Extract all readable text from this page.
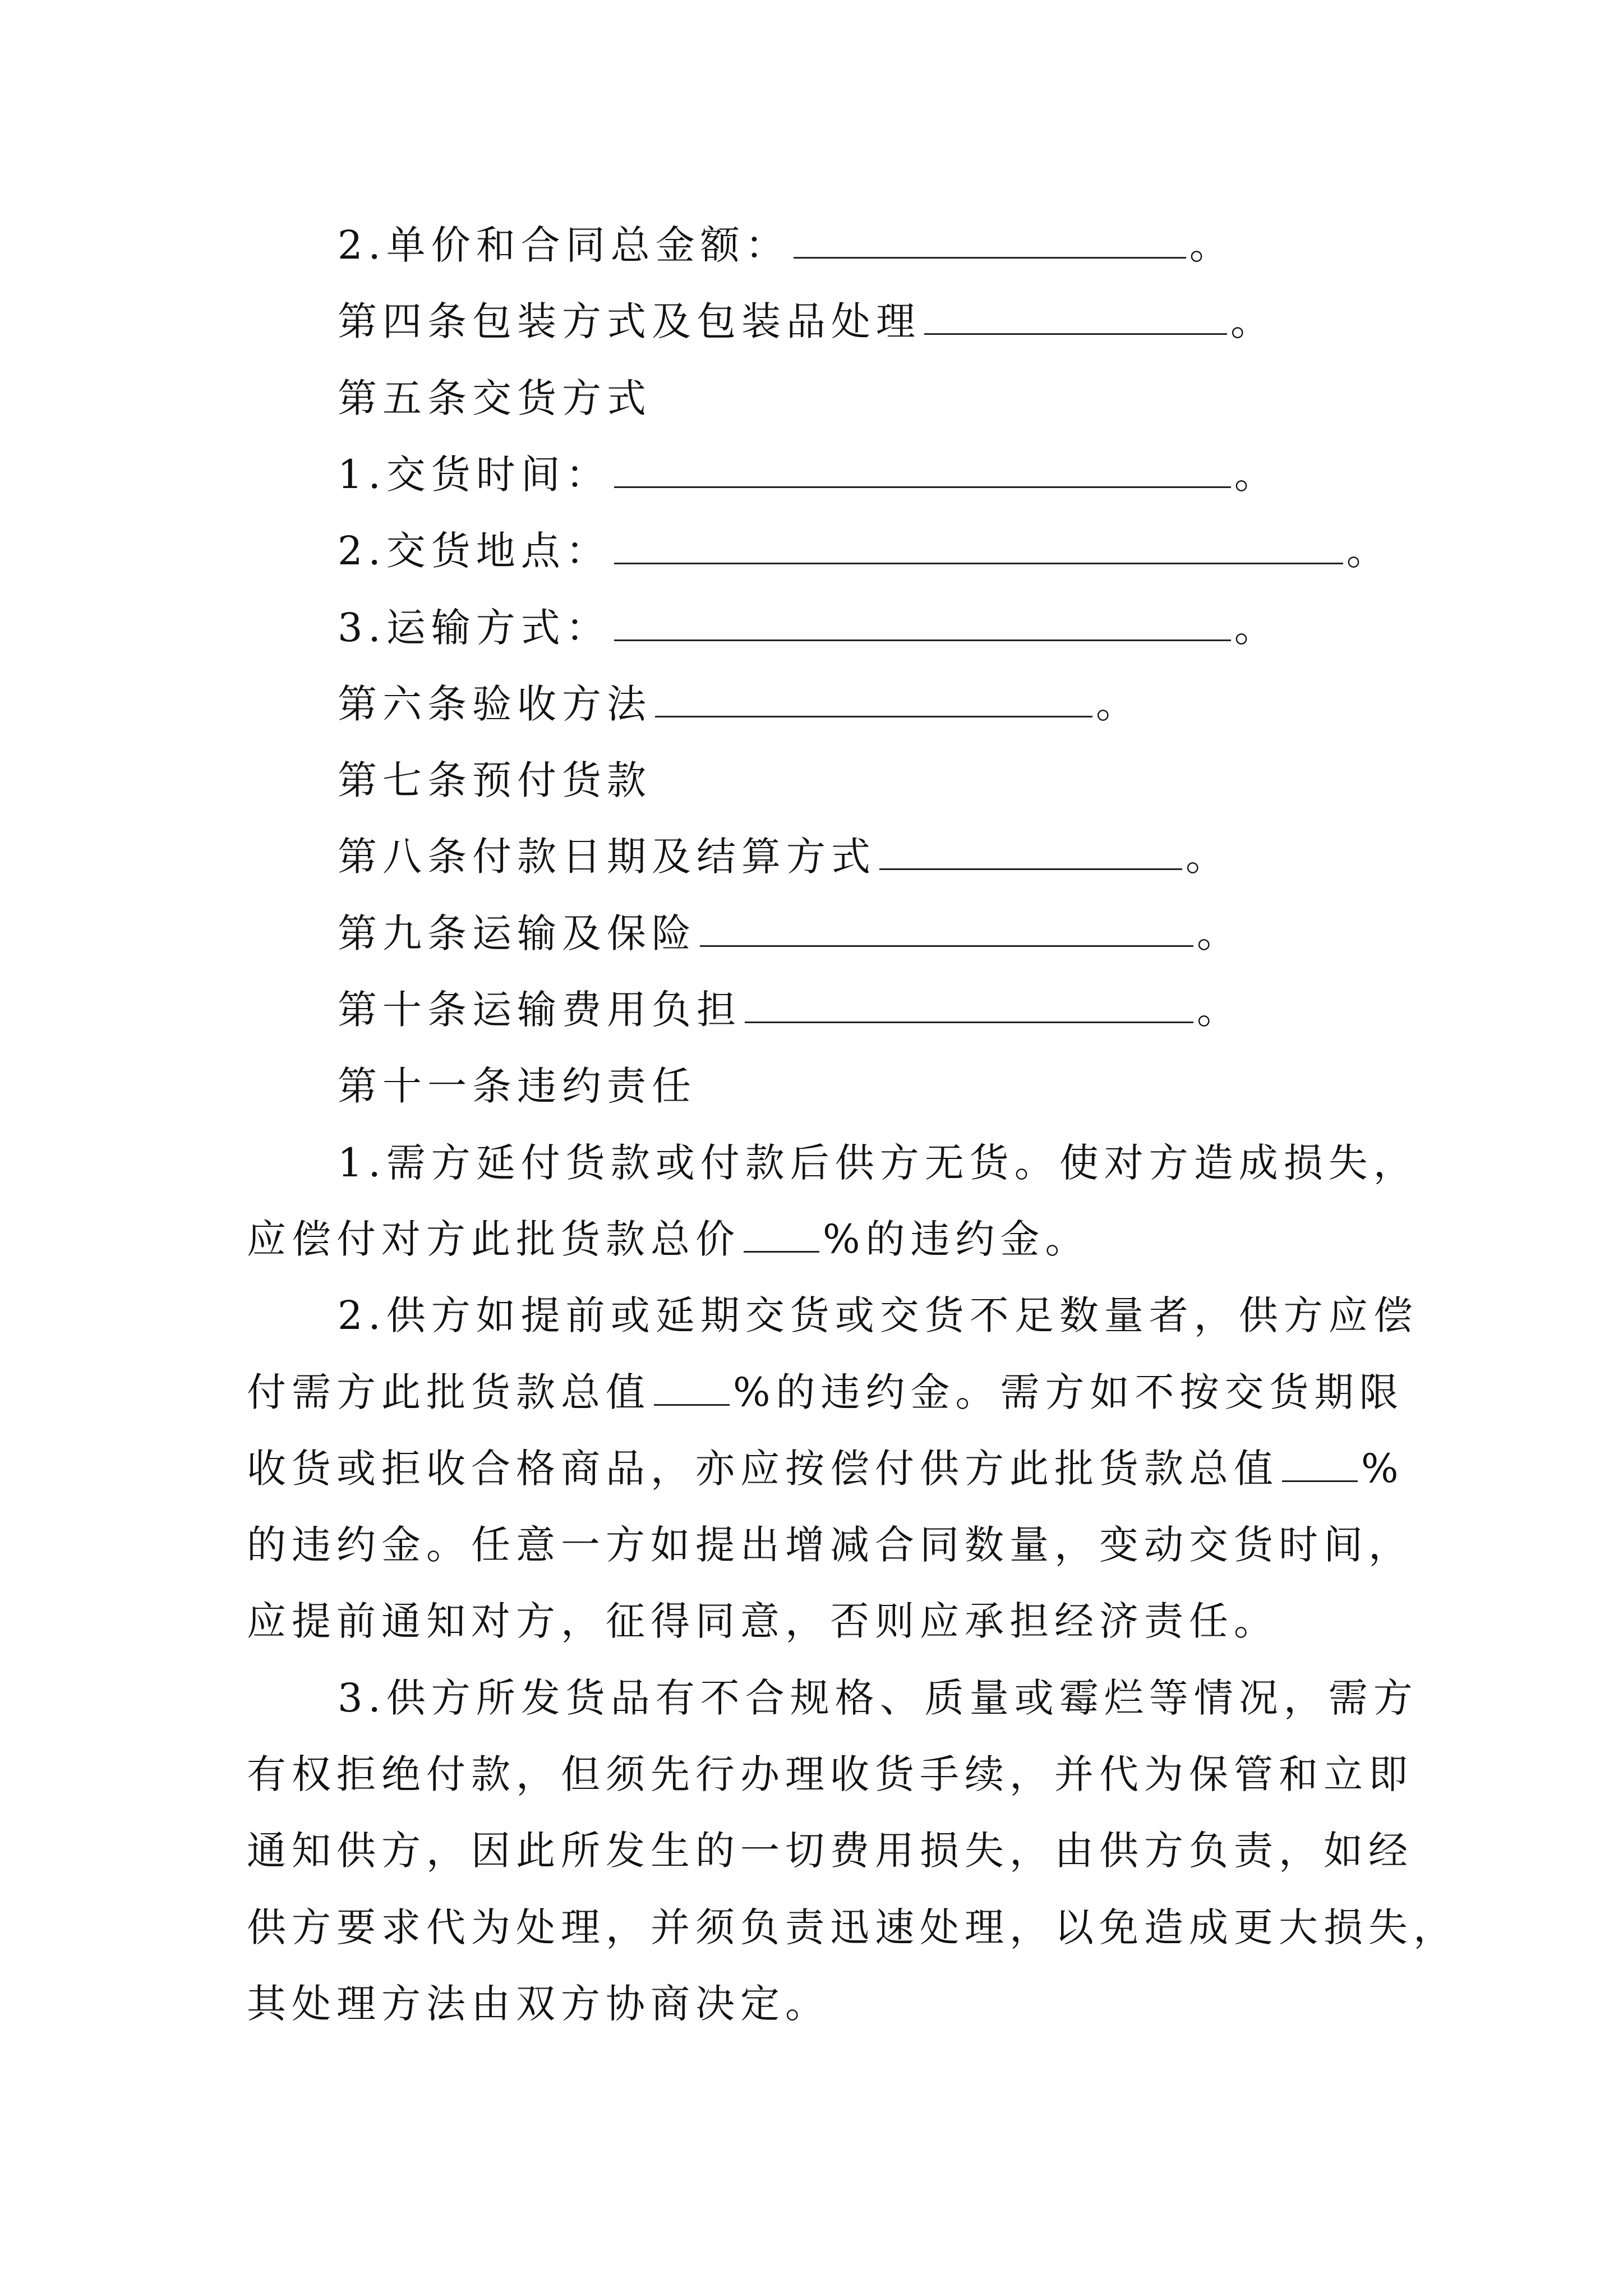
2.单价和合同总金额：	。
第四条包装方式及包装品处理	。
第五条交货方式
1.交货时间：	。
2.交货地点：	。
3.运输方式：	。
第六条验收方法	。
第七条预付货款
第八条付款日期及结算方式	。
第九条运输及保险	。
第十条运输费用负担	。
第十一条违约责任
1.需方延付货款或付款后供方无货。使对方造成损失，
应偿付对方此批货款总价 %的违约金。
2.供方如提前或延期交货或交货不足数量者，供方应偿
付需方此批货款总值 %的违约金。需方如不按交货期限
收货或拒收合格商品，亦应按偿付供方此批货款总值 %
的违约金。任意一方如提出增减合同数量，变动交货时间，
应提前通知对方，征得同意，否则应承担经济责任。
3.供方所发货品有不合规格、质量或霉烂等情况，需方
有权拒绝付款，但须先行办理收货手续，并代为保管和立即
通知供方，因此所发生的一切费用损失，由供方负责，如经
供方要求代为处理，并须负责迅速处理，以免造成更大损失，
其处理方法由双方协商决定。
